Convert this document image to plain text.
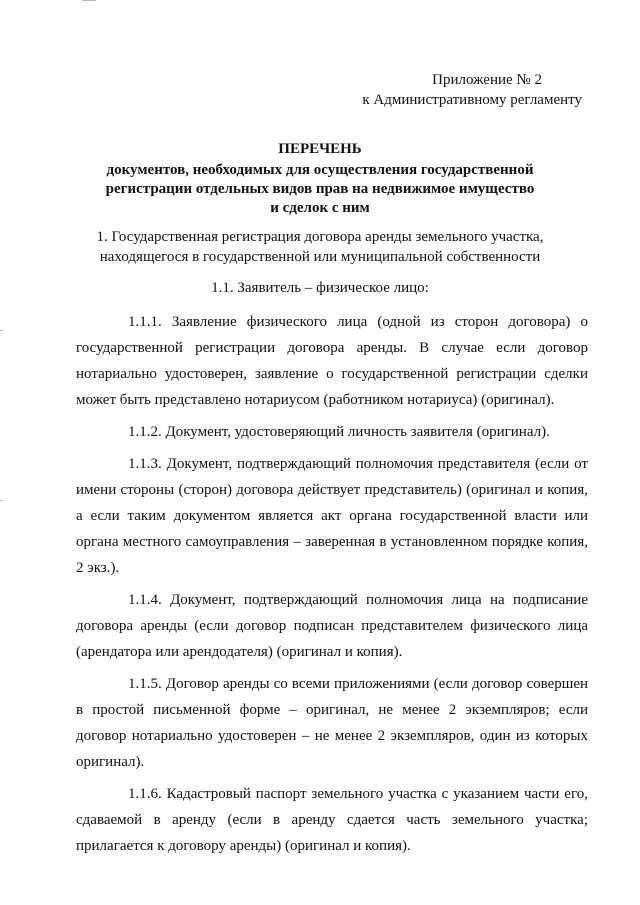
Приложение № 2
к Административному регламенту
ПЕРЕЧЕНЬ
документов, необходимых для осуществления государственной
регистрации отдельных видов прав на недвижимое имущество
и сделок с ним
1. Государственная регистрация договора аренды земельного участка,
находящегося в государственной или муниципальной собственности
1.1. Заявитель – физическое лицо:

1.1.1. Заявление физического лица (одной из сторон договора) о государственной регистрации договора аренды. В случае если договор нотариально удостоверен, заявление о государственной регистрации сделки может быть представлено нотариусом (работником нотариуса) (оригинал).

1.1.2. Документ, удостоверяющий личность заявителя (оригинал).

1.1.3. Документ, подтверждающий полномочия представителя (если от имени стороны (сторон) договора действует представитель) (оригинал и копия, а если таким документом является акт органа государственной власти или органа местного самоуправления – заверенная в установленном порядке копия, 2 экз.).

1.1.4. Документ, подтверждающий полномочия лица на подписание договора аренды (если договор подписан представителем физического лица (арендатора или арендодателя) (оригинал и копия).

1.1.5. Договор аренды со всеми приложениями (если договор совершен в простой письменной форме – оригинал, не менее 2 экземпляров; если договор нотариально удостоверен – не менее 2 экземпляров, один из которых оригинал).

1.1.6. Кадастровый паспорт земельного участка с указанием части его, сдаваемой в аренду (если в аренду сдается часть земельного участка; прилагается к договору аренды) (оригинал и копия).
